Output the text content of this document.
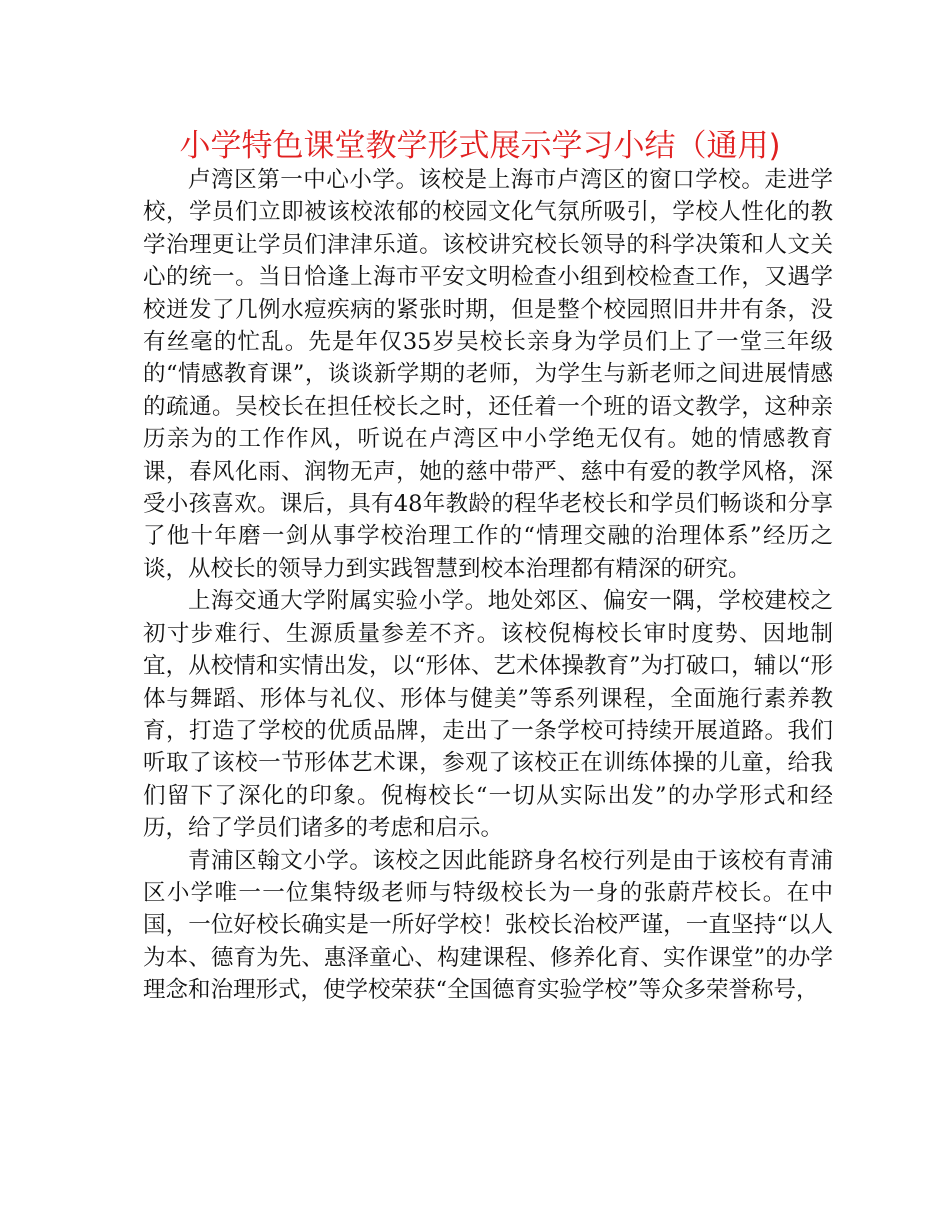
小学特色课堂教学形式展示学习小结（通用)

卢湾区第一中心小学。该校是上海市卢湾区的窗口学校。走进学校，学员们立即被该校浓郁的校园文化气氛所吸引，学校人性化的教学治理更让学员们津津乐道。该校讲究校长领导的科学决策和人文关心的统一。当日恰逢上海市平安文明检查小组到校检查工作，又遇学校迸发了几例水痘疾病的紧张时期，但是整个校园照旧井井有条，没有丝毫的忙乱。先是年仅35岁吴校长亲身为学员们上了一堂三年级的“情感教育课”，谈谈新学期的老师，为学生与新老师之间进展情感的疏通。吴校长在担任校长之时，还任着一个班的语文教学，这种亲历亲为的工作作风，听说在卢湾区中小学绝无仅有。她的情感教育课，春风化雨、润物无声，她的慈中带严、慈中有爱的教学风格，深受小孩喜欢。课后，具有48年教龄的程华老校长和学员们畅谈和分享了他十年磨一剑从事学校治理工作的“情理交融的治理体系”经历之谈，从校长的领导力到实践智慧到校本治理都有精深的研究。

上海交通大学附属实验小学。地处郊区、偏安一隅，学校建校之初寸步难行、生源质量参差不齐。该校倪梅校长审时度势、因地制宜，从校情和实情出发，以“形体、艺术体操教育”为打破口，辅以“形体与舞蹈、形体与礼仪、形体与健美”等系列课程，全面施行素养教育，打造了学校的优质品牌，走出了一条学校可持续开展道路。我们听取了该校一节形体艺术课，参观了该校正在训练体操的儿童，给我们留下了深化的印象。倪梅校长“一切从实际出发”的办学形式和经历，给了学员们诸多的考虑和启示。

青浦区翰文小学。该校之因此能跻身名校行列是由于该校有青浦区小学唯一一位集特级老师与特级校长为一身的张蔚芹校长。在中国，一位好校长确实是一所好学校！张校长治校严谨，一直坚持“以人为本、德育为先、惠泽童心、构建课程、修养化育、实作课堂”的办学理念和治理形式，使学校荣获“全国德育实验学校”等众多荣誉称号，
